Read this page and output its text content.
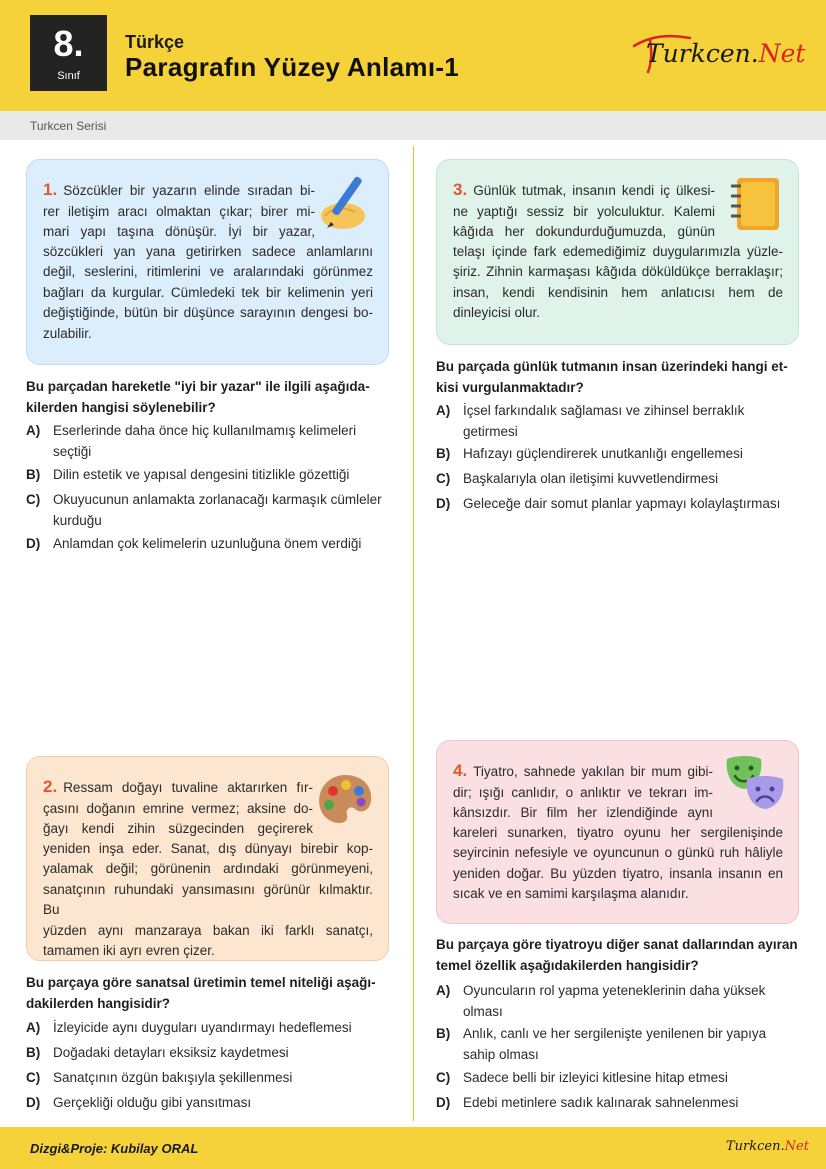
8.
Sınıf
Türkçe
Paragrafın Yüzey Anlamı-1	Turkcen.Net
Turkcen Serisi
1. Sözcükler bir yazarın elinde sıradan bi-
rer iletişim aracı olmaktan çıkar; birer mi-
mari yapı taşına dönüşür. İyi bir yazar,
sözcükleri yan yana getirirken sadece anlamlarını
değil, seslerini, ritimlerini ve aralarındaki görünmez
bağları da kurgular. Cümledeki tek bir kelimenin yeri
değiştiğinde, bütün bir düşünce sarayının dengesi bo-
zulabilir.
Bu parçadan hareketle "iyi bir yazar" ile ilgili aşağıda-
kilerden hangisi söylenebilir?
A) Eserlerinde daha önce hiç kullanılmamış kelimeleri seçtiği
B) Dilin estetik ve yapısal dengesini titizlikle gözettiği
C) Okuyucunun anlamakta zorlanacağı karmaşık cümleler kurduğu
D) Anlamdan çok kelimelerin uzunluğuna önem verdiği
2. Ressam doğayı tuvaline aktarırken fır-
çasını doğanın emrine vermez; aksine do-
ğayı kendi zihin süzgecinden geçirerek
yeniden inşa eder. Sanat, dış dünyayı birebir kop-
yalamak değil; görünenin ardındaki görünmeyeni,
sanatçının ruhundaki yansımasını görünür kılmaktır. Bu
yüzden aynı manzaraya bakan iki farklı sanatçı,
tamamen iki ayrı evren çizer.
Bu parçaya göre sanatsal üretimin temel niteliği aşağı-
dakilerden hangisidir?
A) İzleyicide aynı duyguları uyandırmayı hedeflemesi
B) Doğadaki detayları eksiksiz kaydetmesi
C) Sanatçının özgün bakışıyla şekillenmesi
D) Gerçekliği olduğu gibi yansıtması
3. Günlük tutmak, insanın kendi iç ülkesi-
ne yaptığı sessiz bir yolculuktur. Kalemi
kâğıda her dokundurduğumuzda, günün
telaşı içinde fark edemediğimiz duygularımızla yüzle-
şiriz. Zihnin karmaşası kâğıda döküldükçe berraklaşır;
insan, kendi kendisinin hem anlatıcısı hem de
dinleyicisi olur.
Bu parçada günlük tutmanın insan üzerindeki hangi et-
kisi vurgulanmaktadır?
A) İçsel farkındalık sağlaması ve zihinsel berraklık getirmesi
B) Hafızayı güçlendirerek unutkanlığı engellemesi
C) Başkalarıyla olan iletişimi kuvvetlendirmesi
D) Geleceğe dair somut planlar yapmayı kolaylaştırması
4. Tiyatro, sahnede yakılan bir mum gibi-
dir; ışığı canlıdır, o anlıktır ve tekrarı im-
kânsızdır. Bir film her izlendiğinde aynı
kareleri sunarken, tiyatro oyunu her sergilenişinde
seyircinin nefesiyle ve oyuncunun o günkü ruh hâliyle
yeniden doğar. Bu yüzden tiyatro, insanla insanın en
sıcak ve en samimi karşılaşma alanıdır.
Bu parçaya göre tiyatroyu diğer sanat dallarından ayıran
temel özellik aşağıdakilerden hangisidir?
A) Oyuncuların rol yapma yeteneklerinin daha yüksek olması
B) Anlık, canlı ve her sergilenişte yenilenen bir yapıya sahip olması
C) Sadece belli bir izleyici kitlesine hitap etmesi
D) Edebi metinlere sadık kalınarak sahnelenmesi
Dizgi&Proje: Kubilay ORAL	Turkcen.Net
